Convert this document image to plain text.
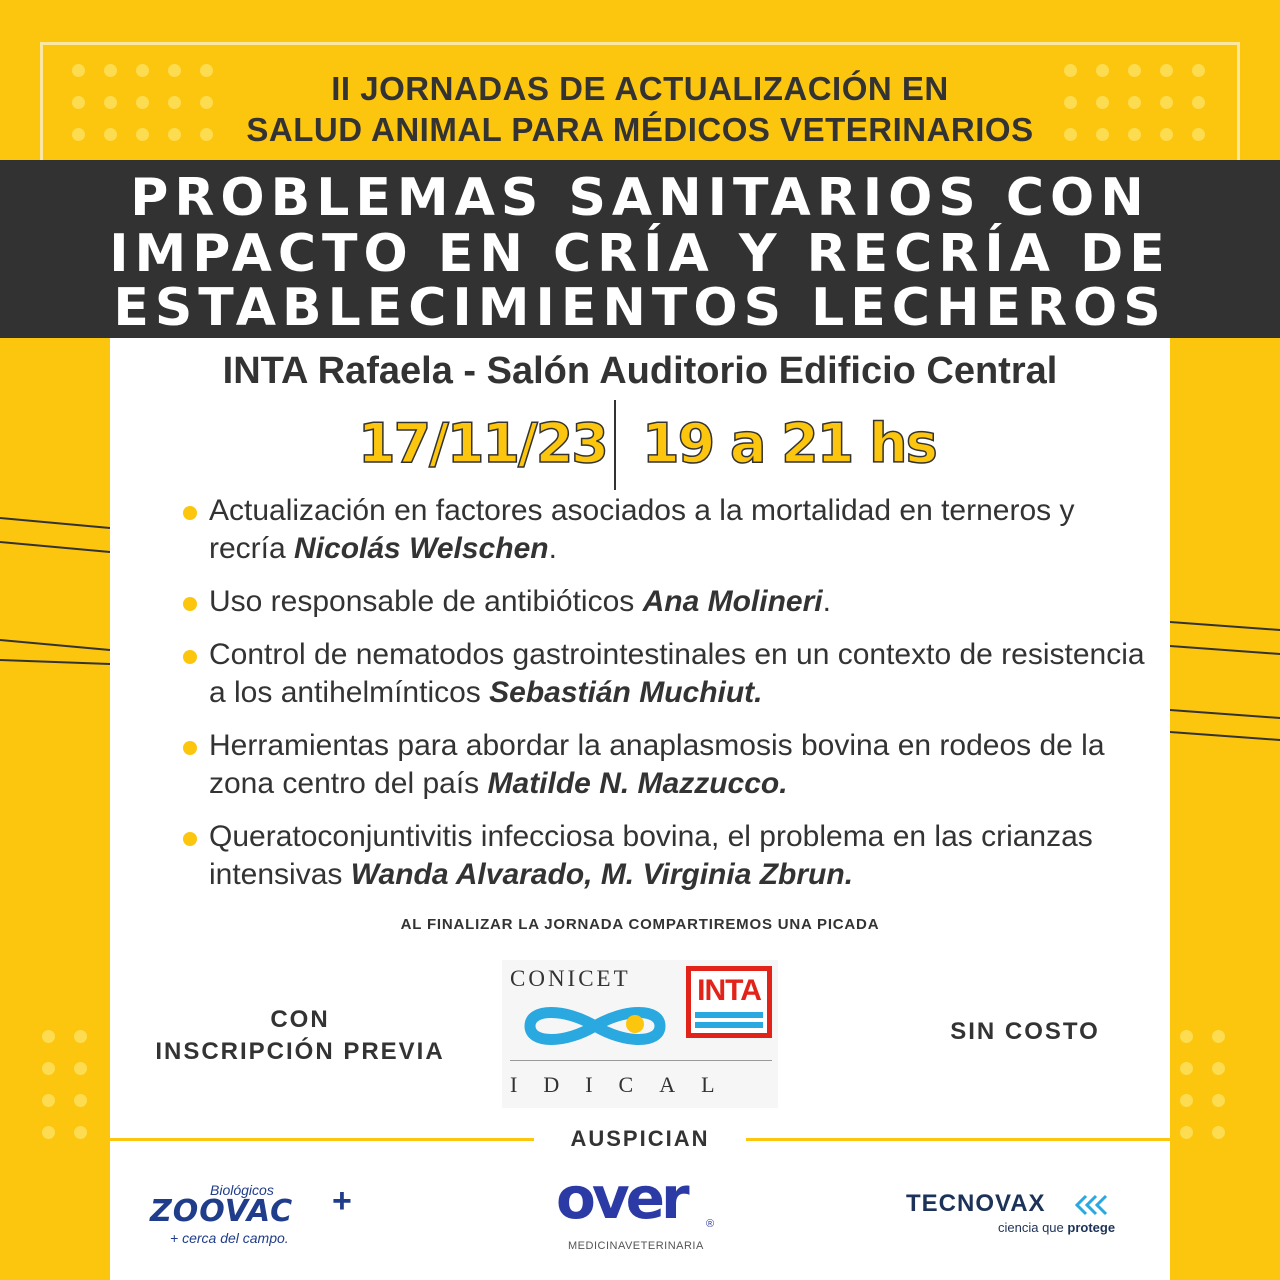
II JORNADAS DE ACTUALIZACIÓN EN
SALUD ANIMAL PARA MÉDICOS VETERINARIOS
PROBLEMAS SANITARIOS CON
IMPACTO EN CRÍA Y RECRÍA DE
ESTABLECIMIENTOS LECHEROS
INTA Rafaela - Salón Auditorio Edificio Central
17/11/23 19 a 21 hs
Actualización en factores asociados a la mortalidad en terneros y recría Nicolás Welschen.
Uso responsable de antibióticos Ana Molineri.
Control de nematodos gastrointestinales en un contexto de resistencia a los antihelmínticos Sebastián Muchiut.
Herramientas para abordar la anaplasmosis bovina en rodeos de la zona centro del país Matilde N. Mazzucco.
Queratoconjuntivitis infecciosa bovina, el problema en las crianzas intensivas Wanda Alvarado, M. Virginia Zbrun.
AL FINALIZAR LA JORNADA COMPARTIREMOS UNA PICADA
CON
INSCRIPCIÓN PREVIA
CONICET INTA
IDICAL
SIN COSTO
AUSPICIAN
Biológicos
ZOOVAC +
+ cerca del campo.
over ®
MEDICINAVETERINARIA
TECNOVAX
ciencia que protege
